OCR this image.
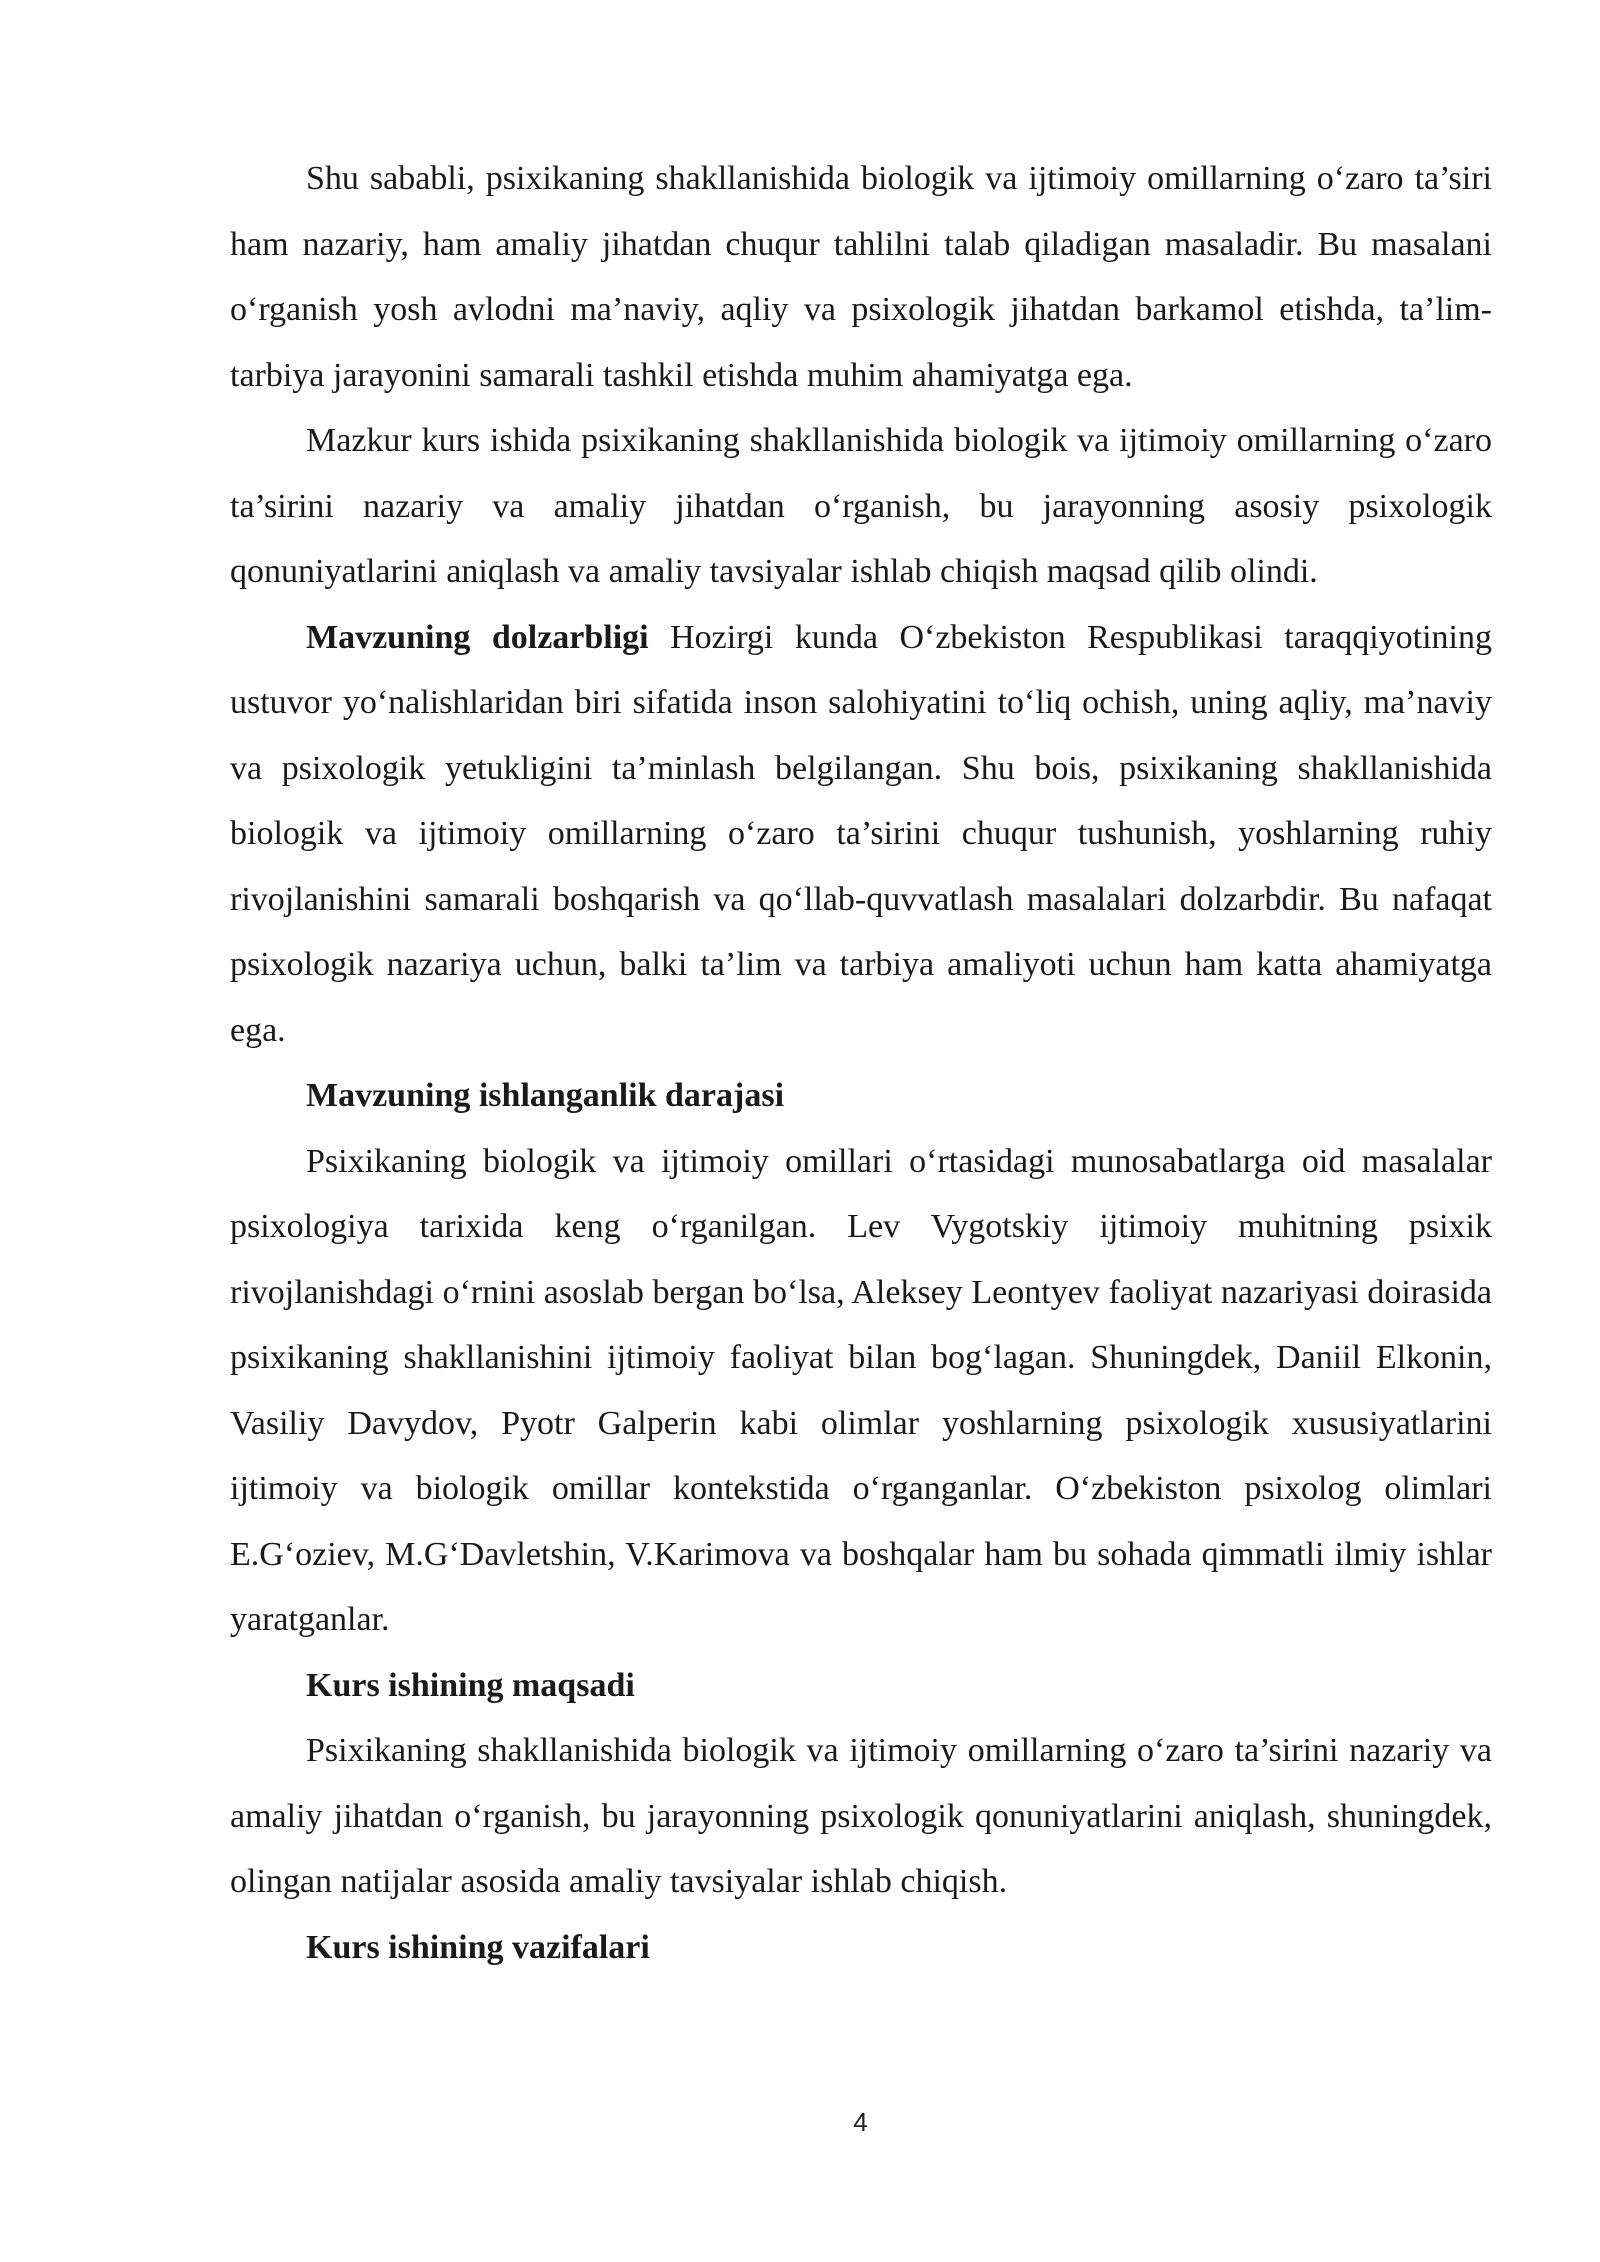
Shu sababli, psixikaning shakllanishida biologik va ijtimoiy omillarning o‘zaro ta’siri ham nazariy, ham amaliy jihatdan chuqur tahlilni talab qiladigan masaladir. Bu masalani o‘rganish yosh avlodni ma’naviy, aqliy va psixologik jihatdan barkamol etishda, ta’lim-tarbiya jarayonini samarali tashkil etishda muhim ahamiyatga ega.

Mazkur kurs ishida psixikaning shakllanishida biologik va ijtimoiy omillarning o‘zaro ta’sirini nazariy va amaliy jihatdan o‘rganish, bu jarayonning asosiy psixologik qonuniyatlarini aniqlash va amaliy tavsiyalar ishlab chiqish maqsad qilib olindi.

Mavzuning dolzarbligi Hozirgi kunda O‘zbekiston Respublikasi taraqqiyotining ustuvor yo‘nalishlaridan biri sifatida inson salohiyatini to‘liq ochish, uning aqliy, ma’naviy va psixologik yetukligini ta’minlash belgilangan. Shu bois, psixikaning shakllanishida biologik va ijtimoiy omillarning o‘zaro ta’sirini chuqur tushunish, yoshlarning ruhiy rivojlanishini samarali boshqarish va qo‘llab-quvvatlash masalalari dolzarbdir. Bu nafaqat psixologik nazariya uchun, balki ta’lim va tarbiya amaliyoti uchun ham katta ahamiyatga ega.

Mavzuning ishlanganlik darajasi

Psixikaning biologik va ijtimoiy omillari o‘rtasidagi munosabatlarga oid masalalar psixologiya tarixida keng o‘rganilgan. Lev Vygotskiy ijtimoiy muhitning psixik rivojlanishdagi o‘rnini asoslab bergan bo‘lsa, Aleksey Leontyev faoliyat nazariyasi doirasida psixikaning shakllanishini ijtimoiy faoliyat bilan bog‘lagan. Shuningdek, Daniil Elkonin, Vasiliy Davydov, Pyotr Galperin kabi olimlar yoshlarning psixologik xususiyatlarini ijtimoiy va biologik omillar kontekstida o‘rganganlar. O‘zbekiston psixolog olimlari E.G‘oziev, M.G‘Davletshin, V.Karimova va boshqalar ham bu sohada qimmatli ilmiy ishlar yaratganlar.

Kurs ishining maqsadi

Psixikaning shakllanishida biologik va ijtimoiy omillarning o‘zaro ta’sirini nazariy va amaliy jihatdan o‘rganish, bu jarayonning psixologik qonuniyatlarini aniqlash, shuningdek, olingan natijalar asosida amaliy tavsiyalar ishlab chiqish.

Kurs ishining vazifalari

4
